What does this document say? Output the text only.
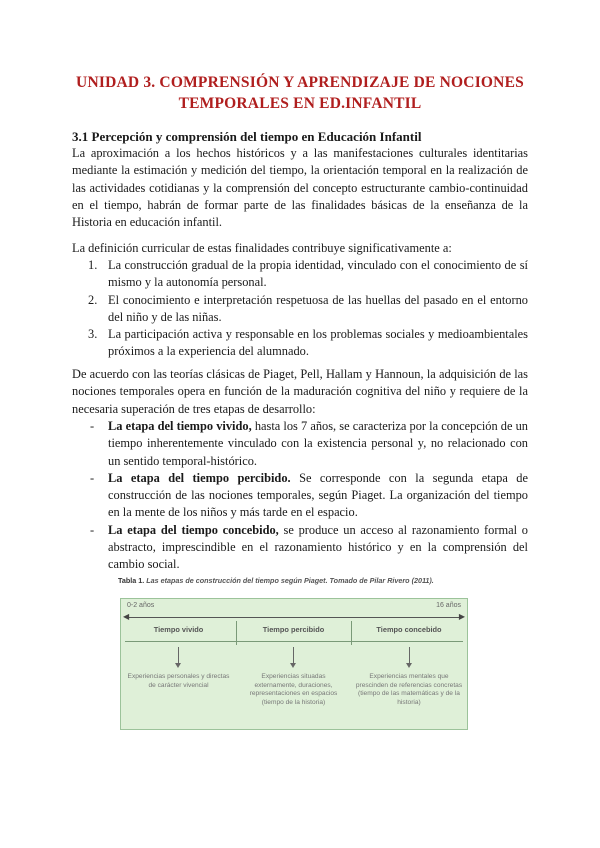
UNIDAD 3. COMPRENSIÓN Y APRENDIZAJE DE NOCIONES
TEMPORALES EN ED.INFANTIL
3.1 Percepción y comprensión del tiempo en Educación Infantil
La aproximación a los hechos históricos y a las manifestaciones culturales identitarias mediante la estimación y medición del tiempo, la orientación temporal en la realización de las actividades cotidianas y la comprensión del concepto estructurante cambio-continuidad en el tiempo, habrán de formar parte de las finalidades básicas de la enseñanza de la Historia en educación infantil.
La definición curricular de estas finalidades contribuye significativamente a:
1. La construcción gradual de la propia identidad, vinculado con el conocimiento de sí mismo y la autonomía personal.
2. El conocimiento e interpretación respetuosa de las huellas del pasado en el entorno del niño y de las niñas.
3. La participación activa y responsable en los problemas sociales y medioambientales próximos a la experiencia del alumnado.
De acuerdo con las teorías clásicas de Piaget, Pell, Hallam y Hannoun, la adquisición de las nociones temporales opera en función de la maduración cognitiva del niño y requiere de la necesaria superación de tres etapas de desarrollo:
- La etapa del tiempo vivido, hasta los 7 años, se caracteriza por la concepción de un tiempo inherentemente vinculado con la existencia personal y, no relacionado con un sentido temporal-histórico.
- La etapa del tiempo percibido. Se corresponde con la segunda etapa de construcción de las nociones temporales, según Piaget. La organización del tiempo en la mente de los niños y más tarde en el espacio.
- La etapa del tiempo concebido, se produce un acceso al razonamiento formal o abstracto, imprescindible en el razonamiento histórico y en la comprensión del cambio social.
Tabla 1. Las etapas de construcción del tiempo según Piaget. Tomado de Pilar Rivero (2011).
0-2 años	16 años
◀	▶
Tiempo vivido	Tiempo percibido	Tiempo concebido
Experiencias personales y directas de carácter vivencial
Experiencias situadas externamente, duraciones, representaciones en espacios (tiempo de la historia)
Experiencias mentales que prescinden de referencias concretas (tiempo de las matemáticas y de la historia)
